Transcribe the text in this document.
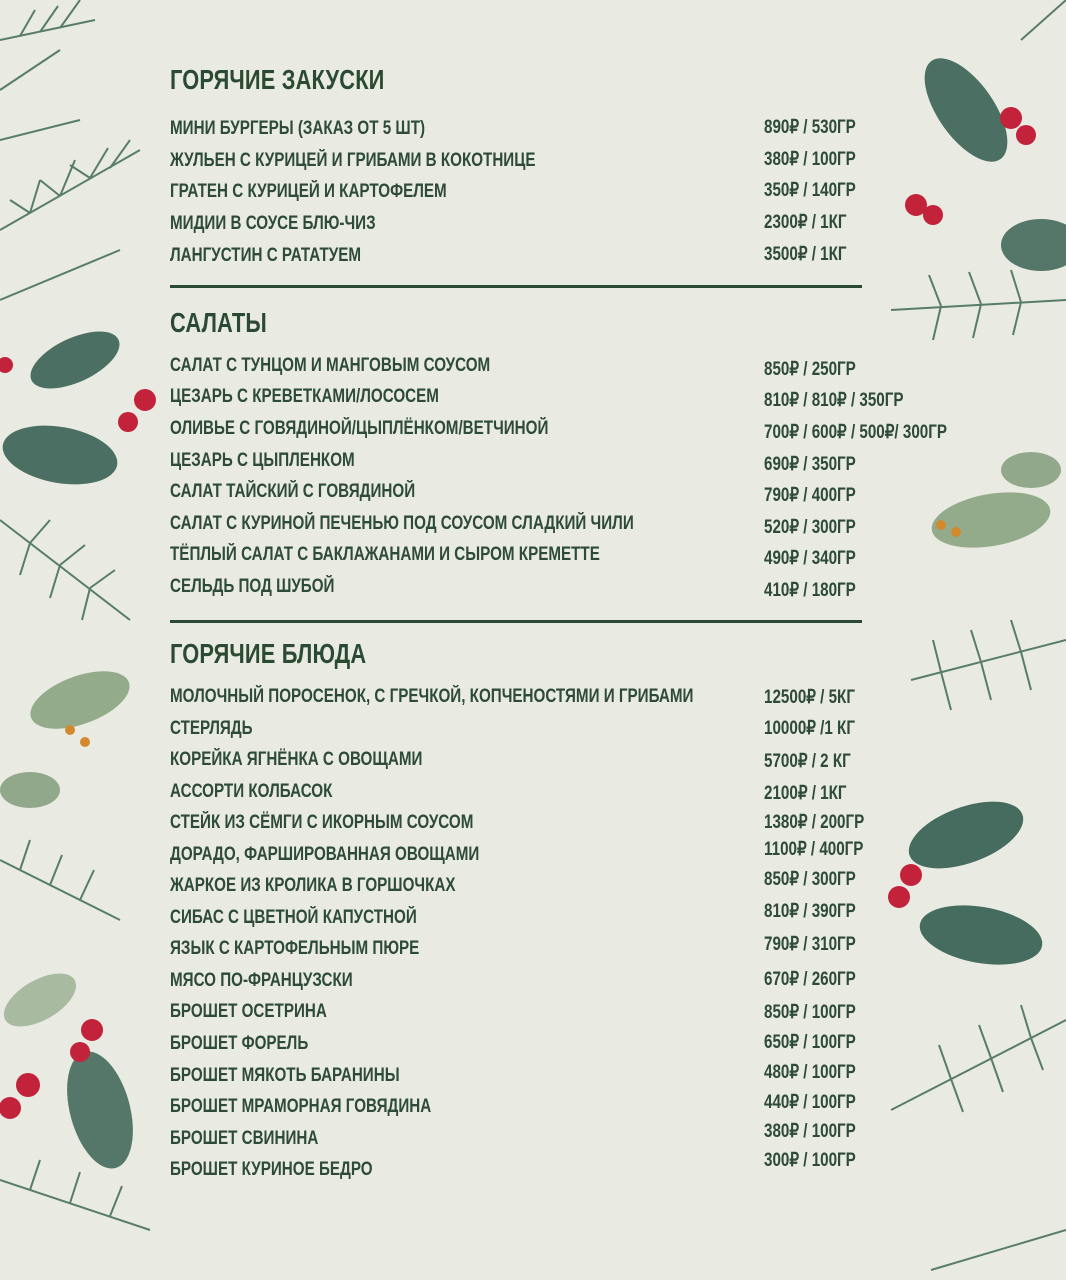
ГОРЯЧИЕ ЗАКУСКИ
МИНИ БУРГЕРЫ (ЗАКАЗ ОТ 5 ШТ)	890₽ / 530ГР
ЖУЛЬЕН С КУРИЦЕЙ И ГРИБАМИ В КОКОТНИЦЕ	380₽ / 100ГР
ГРАТЕН С КУРИЦЕЙ И КАРТОФЕЛЕМ	350₽ / 140ГР
МИДИИ В СОУСЕ БЛЮ-ЧИЗ	2300₽ / 1КГ
ЛАНГУСТИН С РАТАТУЕМ	3500₽ / 1КГ
САЛАТЫ
САЛАТ С ТУНЦОМ И МАНГОВЫМ СОУСОМ	850₽ / 250ГР
ЦЕЗАРЬ С КРЕВЕТКАМИ/ЛОСОСЕМ	810₽ / 810₽ / 350ГР
ОЛИВЬЕ С ГОВЯДИНОЙ/ЦЫПЛЁНКОМ/ВЕТЧИНОЙ	700₽ / 600₽ / 500₽/ 300ГР
ЦЕЗАРЬ С ЦЫПЛЕНКОМ	690₽ / 350ГР
САЛАТ ТАЙСКИЙ С ГОВЯДИНОЙ	790₽ / 400ГР
САЛАТ С КУРИНОЙ ПЕЧЕНЬЮ ПОД СОУСОМ СЛАДКИЙ ЧИЛИ	520₽ / 300ГР
ТЁПЛЫЙ САЛАТ С БАКЛАЖАНАМИ И СЫРОМ КРЕМЕТТЕ	490₽ / 340ГР
СЕЛЬДЬ ПОД ШУБОЙ	410₽ / 180ГР
ГОРЯЧИЕ БЛЮДА
МОЛОЧНЫЙ ПОРОСЕНОК, С ГРЕЧКОЙ, КОПЧЕНОСТЯМИ И ГРИБАМИ	12500₽ / 5КГ
СТЕРЛЯДЬ	10000₽ /1 КГ
КОРЕЙКА ЯГНЁНКА С ОВОЩАМИ	5700₽ / 2 КГ
АССОРТИ КОЛБАСОК	2100₽ / 1КГ
СТЕЙК ИЗ СЁМГИ С ИКОРНЫМ СОУСОМ	1380₽ / 200ГР
ДОРАДО, ФАРШИРОВАННАЯ ОВОЩАМИ	1100₽ / 400ГР
ЖАРКОЕ ИЗ КРОЛИКА В ГОРШОЧКАХ	850₽ / 300ГР
СИБАС С ЦВЕТНОЙ КАПУСТНОЙ	810₽ / 390ГР
ЯЗЫК С КАРТОФЕЛЬНЫМ ПЮРЕ	790₽ / 310ГР
МЯСО ПО-ФРАНЦУЗСКИ	670₽ / 260ГР
БРОШЕТ ОСЕТРИНА	850₽ / 100ГР
БРОШЕТ ФОРЕЛЬ	650₽ / 100ГР
БРОШЕТ МЯКОТЬ БАРАНИНЫ	480₽ / 100ГР
БРОШЕТ МРАМОРНАЯ ГОВЯДИНА	440₽ / 100ГР
БРОШЕТ СВИНИНА	380₽ / 100ГР
БРОШЕТ КУРИНОЕ БЕДРО	300₽ / 100ГР
